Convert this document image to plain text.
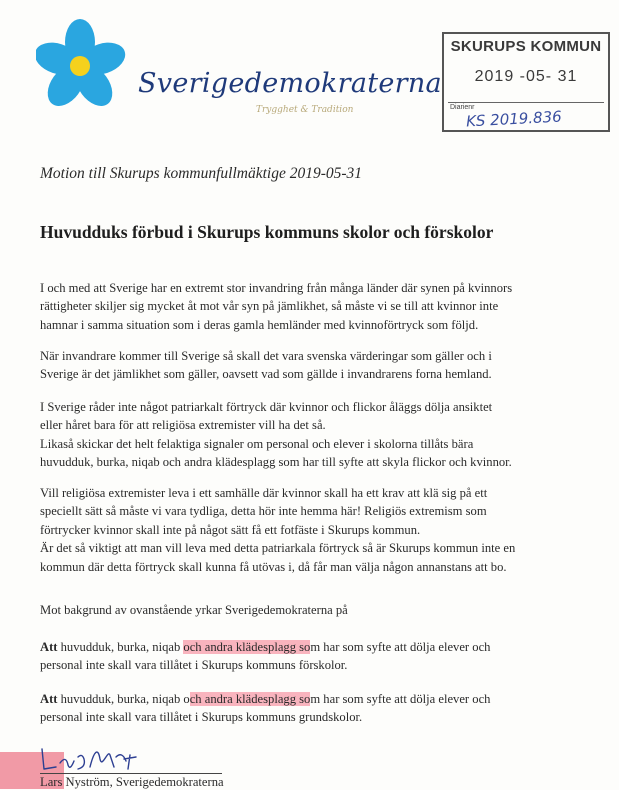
Sverigedemokraterna
Trygghet & Tradition
SKURUPS KOMMUN
2019 -05- 31
Diarienr
KS 2019.836
Motion till Skurups kommunfullmäktige 2019-05-31
Huvudduks förbud i Skurups kommuns skolor och förskolor

I och med att Sverige har en extremt stor invandring från många länder där synen på kvinnors
rättigheter skiljer sig mycket åt mot vår syn på jämlikhet, så måste vi se till att kvinnor inte
hamnar i samma situation som i deras gamla hemländer med kvinnoförtryck som följd.

När invandrare kommer till Sverige så skall det vara svenska värderingar som gäller och i
Sverige är det jämlikhet som gäller, oavsett vad som gällde i invandrarens forna hemland.

I Sverige råder inte något patriarkalt förtryck där kvinnor och flickor åläggs dölja ansiktet
eller håret bara för att religiösa extremister vill ha det så.
Likaså skickar det helt felaktiga signaler om personal och elever i skolorna tillåts bära
huvudduk, burka, niqab och andra klädesplagg som har till syfte att skyla flickor och kvinnor.

Vill religiösa extremister leva i ett samhälle där kvinnor skall ha ett krav att klä sig på ett
speciellt sätt så måste vi vara tydliga, detta hör inte hemma här! Religiös extremism som
förtrycker kvinnor skall inte på något sätt få ett fotfäste i Skurups kommun.
Är det så viktigt att man vill leva med detta patriarkala förtryck så är Skurups kommun inte en
kommun där detta förtryck skall kunna få utövas i, då får man välja någon annanstans att bo.

Mot bakgrund av ovanstående yrkar Sverigedemokraterna på

Att huvudduk, burka, niqab och andra klädesplagg som har som syfte att dölja elever och
personal inte skall vara tillåtet i Skurups kommuns förskolor.

Att huvudduk, burka, niqab och andra klädesplagg som har som syfte att dölja elever och
personal inte skall vara tillåtet i Skurups kommuns grundskolor.

Lars Nyström, Sverigedemokraterna
